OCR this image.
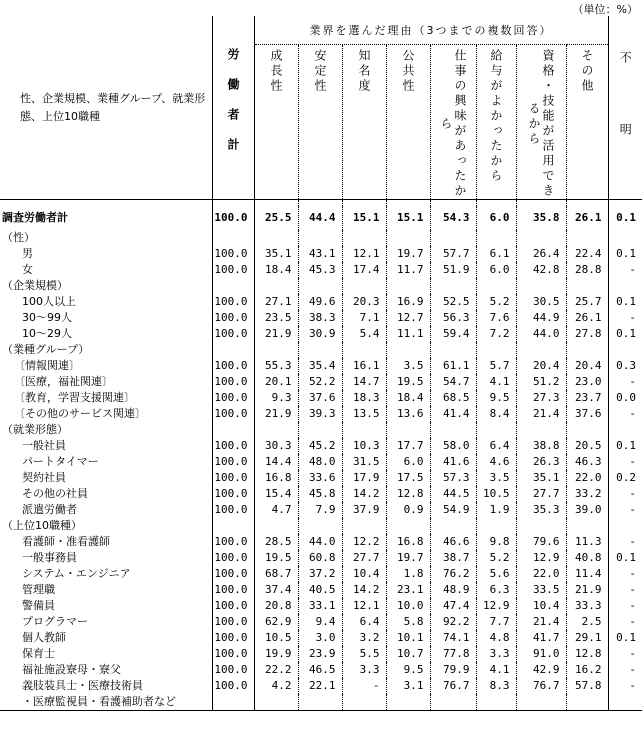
（単位：%）
性、企業規模、業種グループ、就業形態、上位10職種	労働者計	業界を選んだ理由（3つまでの複数回答）								不明

		成長性	安定性	知名度	公共性	仕事の興味があったから	給与がよかったから	資格・技能が活用できるから	その他	

調査労働者計	100.0	25.5	44.4	15.1	15.1	54.3	6.0	35.8	26.1	0.1
（性）										
男	100.0	35.1	43.1	12.1	19.7	57.7	6.1	26.4	22.4	0.1
女	100.0	18.4	45.3	17.4	11.7	51.9	6.0	42.8	28.8	-
（企業規模）										
100人以上	100.0	27.1	49.6	20.3	16.9	52.5	5.2	30.5	25.7	0.1
30～99人	100.0	23.5	38.3	7.1	12.7	56.3	7.6	44.9	26.1	-
10～29人	100.0	21.9	30.9	5.4	11.1	59.4	7.2	44.0	27.8	0.1
（業種グループ）										
〔情報関連〕	100.0	55.3	35.4	16.1	3.5	61.1	5.7	20.4	20.4	0.3
〔医療，福祉関連〕	100.0	20.1	52.2	14.7	19.5	54.7	4.1	51.2	23.0	-
〔教育，学習支援関連〕	100.0	9.3	37.6	18.3	18.4	68.5	9.5	27.3	23.7	0.0
〔その他のサービス関連〕	100.0	21.9	39.3	13.5	13.6	41.4	8.4	21.4	37.6	-
（就業形態）										
一般社員	100.0	30.3	45.2	10.3	17.7	58.0	6.4	38.8	20.5	0.1
パートタイマー	100.0	14.4	48.0	31.5	6.0	41.6	4.6	26.3	46.3	-
契約社員	100.0	16.8	33.6	17.9	17.5	57.3	3.5	35.1	22.0	0.2
その他の社員	100.0	15.4	45.8	14.2	12.8	44.5	10.5	27.7	33.2	-
派遣労働者	100.0	4.7	7.9	37.9	0.9	54.9	1.9	35.3	39.0	-
（上位10職種）										
看護師・准看護師	100.0	28.5	44.0	12.2	16.8	46.6	9.8	79.6	11.3	-
一般事務員	100.0	19.5	60.8	27.7	19.7	38.7	5.2	12.9	40.8	0.1
システム・エンジニア	100.0	68.7	37.2	10.4	1.8	76.2	5.6	22.0	11.4	-
管理職	100.0	37.4	40.5	14.2	23.1	48.9	6.3	33.5	21.9	-
警備員	100.0	20.8	33.1	12.1	10.0	47.4	12.9	10.4	33.3	-
プログラマー	100.0	62.9	9.4	6.4	5.8	92.2	7.7	21.4	2.5	-
個人教師	100.0	10.5	3.0	3.2	10.1	74.1	4.8	41.7	29.1	0.1
保育士	100.0	19.9	23.9	5.5	10.7	77.8	3.3	91.0	12.8	-
福祉施設寮母・寮父	100.0	22.2	46.5	3.3	9.5	79.9	4.1	42.9	16.2	-
義肢装具士・医療技術員	100.0	4.2	22.1	-	3.1	76.7	8.3	76.7	57.8	-
・医療監視員・看護補助者など										
